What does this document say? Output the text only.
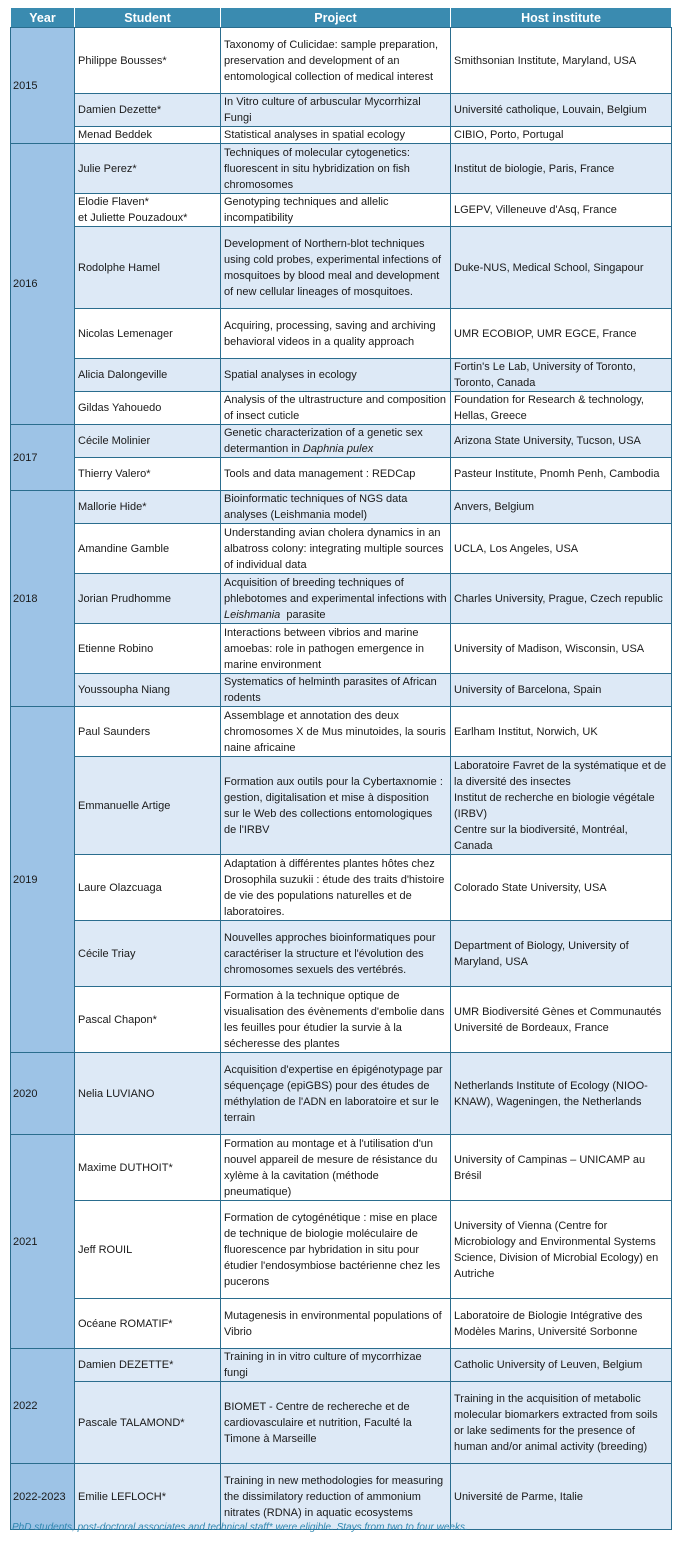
Year	Student	Project	Host institute
2015	Philippe Bousses*	Taxonomy of Culicidae: sample preparation, preservation and development of an entomological collection of medical interest	Smithsonian Institute, Maryland, USA
	Damien Dezette*	In Vitro culture of arbuscular Mycorrhizal Fungi	Université catholique, Louvain, Belgium
	Menad Beddek	Statistical analyses in spatial ecology	CIBIO, Porto, Portugal
2016	Julie Perez*	Techniques of molecular cytogenetics: fluorescent in situ hybridization on fish chromosomes	Institut de biologie, Paris, France
	Elodie Flaven*
et Juliette Pouzadoux*	Genotyping techniques and allelic incompatibility	LGEPV, Villeneuve d'Asq, France
	Rodolphe Hamel	Development of Northern-blot techniques using cold probes, experimental infections of mosquitoes by blood meal and development of new cellular lineages of mosquitoes.	Duke-NUS, Medical School, Singapour
	Nicolas Lemenager	Acquiring, processing, saving and archiving behavioral videos in a quality approach	UMR ECOBIOP, UMR EGCE, France
	Alicia Dalongeville	Spatial analyses in ecology	Fortin's Le Lab, University of Toronto, Toronto, Canada
	Gildas Yahouedo	Analysis of the ultrastructure and composition of insect cuticle	Foundation for Research & technology, Hellas, Greece
2017	Cécile Molinier	Genetic characterization of a genetic sex determantion in Daphnia pulex	Arizona State University, Tucson, USA
	Thierry Valero*	Tools and data management : REDCap	Pasteur Institute, Pnomh Penh, Cambodia
2018	Mallorie Hide*	Bioinformatic techniques of NGS data analyses (Leishmania model)	Anvers, Belgium
	Amandine Gamble	Understanding avian cholera dynamics in an albatross colony: integrating multiple sources of individual data	UCLA, Los Angeles, USA
	Jorian Prudhomme	Acquisition of breeding techniques of phlebotomes and experimental infections with Leishmania  parasite	Charles University, Prague, Czech republic
	Etienne Robino	Interactions between vibrios and marine amoebas: role in pathogen emergence in marine environment	University of Madison, Wisconsin, USA
	Youssoupha Niang	Systematics of helminth parasites of African rodents	University of Barcelona, Spain
2019	Paul Saunders	Assemblage et annotation des deux chromosomes X de Mus minutoides, la souris naine africaine	Earlham Institut, Norwich, UK
	Emmanuelle Artige	Formation aux outils pour la Cybertaxnomie : gestion, digitalisation et mise à disposition sur le Web des collections entomologiques de l'IRBV	Laboratoire Favret de la systématique et de la diversité des insectes
Institut de recherche en biologie végétale (IRBV)
Centre sur la biodiversité, Montréal, Canada
	Laure Olazcuaga	Adaptation à différentes plantes hôtes chez Drosophila suzukii : étude des traits d'histoire de vie des populations naturelles et de laboratoires.	Colorado State University, USA
	Cécile Triay	Nouvelles approches bioinformatiques pour caractériser la structure et l'évolution des chromosomes sexuels des vertébrés.	Department of Biology, University of Maryland, USA
	Pascal Chapon*	Formation à la technique optique de visualisation des évènements d'embolie dans les feuilles pour étudier la survie à la sécheresse des plantes	UMR Biodiversité Gènes et Communautés Université de Bordeaux, France
2020	Nelia LUVIANO	Acquisition d'expertise en épigénotypage par séquençage (epiGBS) pour des études de méthylation de l'ADN en laboratoire et sur le terrain	Netherlands Institute of Ecology (NIOO-KNAW), Wageningen, the Netherlands
2021	Maxime DUTHOIT*	Formation au montage et à l'utilisation d'un nouvel appareil de mesure de résistance du xylème à la cavitation (méthode pneumatique)	University of Campinas – UNICAMP au Brésil
	Jeff ROUIL	Formation de cytogénétique : mise en place de technique de biologie moléculaire de fluorescence par hybridation in situ pour étudier l'endosymbiose bactérienne chez les pucerons	University of Vienna (Centre for Microbiology and Environmental Systems Science, Division of Microbial Ecology) en Autriche
	Océane ROMATIF*	Mutagenesis in environmental populations of Vibrio	Laboratoire de Biologie Intégrative des Modèles Marins, Université Sorbonne
2022	Damien DEZETTE*	Training in in vitro culture of mycorrhizae fungi	Catholic University of Leuven, Belgium
	Pascale TALAMOND*	BIOMET - Centre de rechereche et de cardiovasculaire et nutrition, Faculté la Timone à Marseille	Training in the acquisition of metabolic molecular biomarkers extracted from soils or lake sediments for the presence of human and/or animal activity (breeding)
2022-2023	Emilie LEFLOCH*	Training in new methodologies for measuring the dissimilatory reduction of ammonium nitrates (RDNA) in aquatic ecosystems	Université de Parme, Italie
PhD students, post-doctoral associates and technical staff* were eligible. Stays from two to four weeks.
